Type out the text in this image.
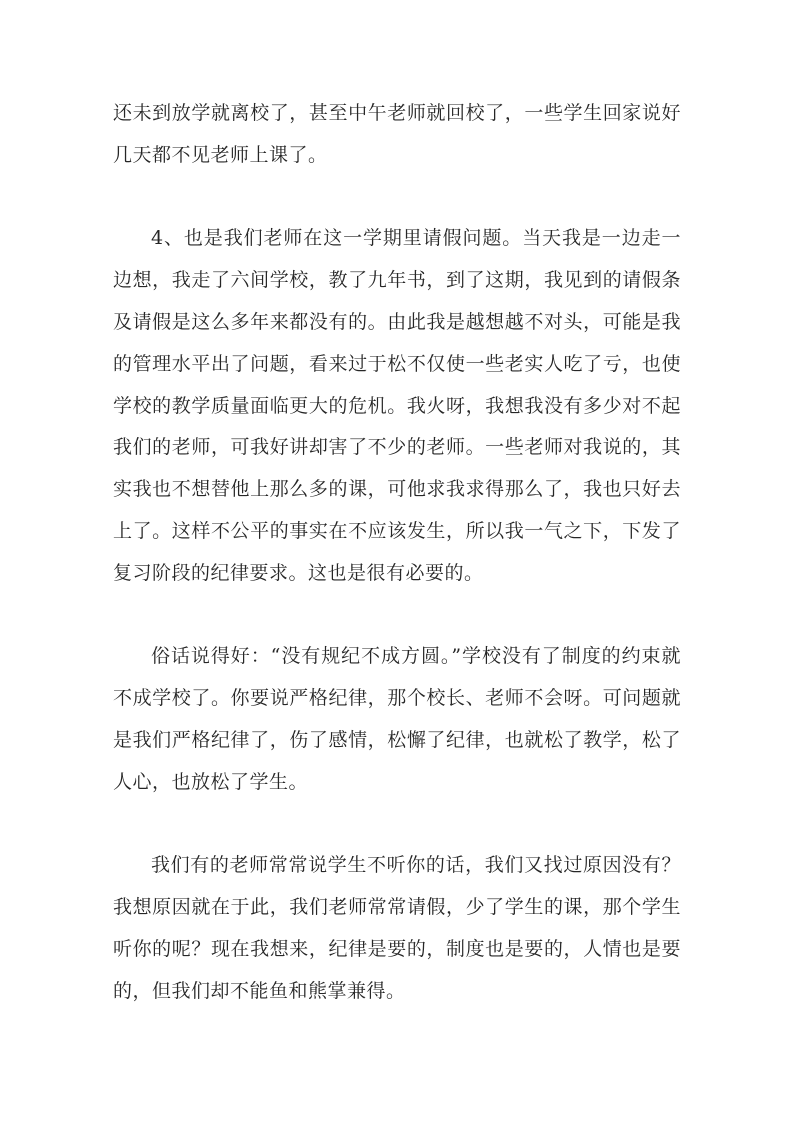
还未到放学就离校了，甚至中午老师就回校了，一些学生回家说好几天都不见老师上课了。

4、也是我们老师在这一学期里请假问题。当天我是一边走一边想，我走了六间学校，教了九年书，到了这期，我见到的请假条及请假是这么多年来都没有的。由此我是越想越不对头，可能是我的管理水平出了问题，看来过于松不仅使一些老实人吃了亏，也使学校的教学质量面临更大的危机。我火呀，我想我没有多少对不起我们的老师，可我好讲却害了不少的老师。一些老师对我说的，其实我也不想替他上那么多的课，可他求我求得那么了，我也只好去上了。这样不公平的事实在不应该发生，所以我一气之下，下发了复习阶段的纪律要求。这也是很有必要的。

俗话说得好：“没有规纪不成方圆。”学校没有了制度的约束就不成学校了。你要说严格纪律，那个校长、老师不会呀。可问题就是我们严格纪律了，伤了感情，松懈了纪律，也就松了教学，松了人心，也放松了学生。

我们有的老师常常说学生不听你的话，我们又找过原因没有？我想原因就在于此，我们老师常常请假，少了学生的课，那个学生听你的呢？现在我想来，纪律是要的，制度也是要的，人情也是要的，但我们却不能鱼和熊掌兼得。
